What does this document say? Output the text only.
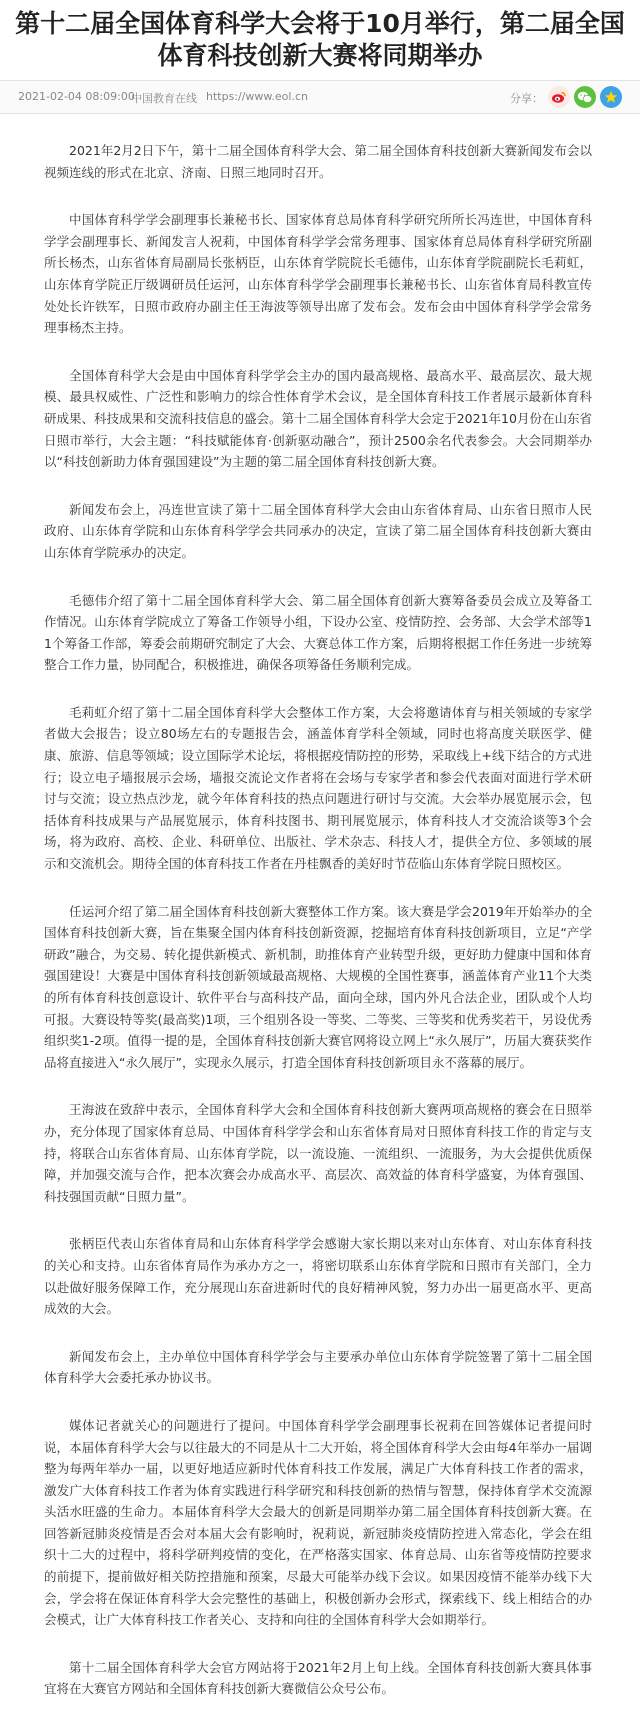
第十二届全国体育科学大会将于10月举行，第二届全国体育科技创新大赛将同期举办
2021-02-04 08:09:00
中国教育在线 https://www.eol.cn	分享：

2021年2月2日下午，第十二届全国体育科学大会、第二届全国体育科技创新大赛新闻发布会以视频连线的形式在北京、济南、日照三地同时召开。

中国体育科学学会副理事长兼秘书长、国家体育总局体育科学研究所所长冯连世，中国体育科学学会副理事长、新闻发言人祝莉，中国体育科学学会常务理事、国家体育总局体育科学研究所副所长杨杰，山东省体育局副局长张柄臣，山东体育学院院长毛德伟，山东体育学院副院长毛莉虹，山东体育学院正厅级调研员任运河，山东体育科学学会副理事长兼秘书长、山东省体育局科教宣传处处长许铁军，日照市政府办副主任王海波等领导出席了发布会。发布会由中国体育科学学会常务理事杨杰主持。

全国体育科学大会是由中国体育科学学会主办的国内最高规格、最高水平、最高层次、最大规模、最具权威性、广泛性和影响力的综合性体育学术会议，是全国体育科技工作者展示最新体育科研成果、科技成果和交流科技信息的盛会。第十二届全国体育科学大会定于2021年10月份在山东省日照市举行，大会主题：“科技赋能体育·创新驱动融合”，预计2500余名代表参会。大会同期举办以“科技创新助力体育强国建设”为主题的第二届全国体育科技创新大赛。

新闻发布会上，冯连世宣读了第十二届全国体育科学大会由山东省体育局、山东省日照市人民政府、山东体育学院和山东体育科学学会共同承办的决定，宣读了第二届全国体育科技创新大赛由山东体育学院承办的决定。

毛德伟介绍了第十二届全国体育科学大会、第二届全国体育创新大赛筹备委员会成立及筹备工作情况。山东体育学院成立了筹备工作领导小组，下设办公室、疫情防控、会务部、大会学术部等11个筹备工作部，筹委会前期研究制定了大会、大赛总体工作方案，后期将根据工作任务进一步统筹整合工作力量，协同配合，积极推进，确保各项筹备任务顺利完成。

毛莉虹介绍了第十二届全国体育科学大会整体工作方案，大会将邀请体育与相关领域的专家学者做大会报告；设立80场左右的专题报告会，涵盖体育学科全领域，同时也将高度关联医学、健康、旅游、信息等领域；设立国际学术论坛，将根据疫情防控的形势，采取线上+线下结合的方式进行；设立电子墙报展示会场，墙报交流论文作者将在会场与专家学者和参会代表面对面进行学术研讨与交流；设立热点沙龙，就今年体育科技的热点问题进行研讨与交流。大会举办展览展示会，包括体育科技成果与产品展览展示，体育科技图书、期刊展览展示，体育科技人才交流洽谈等3个会场，将为政府、高校、企业、科研单位、出版社、学术杂志、科技人才，提供全方位、多领域的展示和交流机会。期待全国的体育科技工作者在丹桂飘香的美好时节莅临山东体育学院日照校区。

任运河介绍了第二届全国体育科技创新大赛整体工作方案。该大赛是学会2019年开始举办的全国体育科技创新大赛，旨在集聚全国内体育科技创新资源，挖掘培育体育科技创新项目，立足“产学研政”融合，为交易、转化提供新模式、新机制，助推体育产业转型升级，更好助力健康中国和体育强国建设！大赛是中国体育科技创新领域最高规格、大规模的全国性赛事，涵盖体育产业11个大类的所有体育科技创意设计、软件平台与高科技产品，面向全球，国内外凡合法企业，团队或个人均可报。大赛设特等奖(最高奖)1项，三个组别各设一等奖、二等奖、三等奖和优秀奖若干，另设优秀组织奖1-2项。值得一提的是，全国体育科技创新大赛官网将设立网上“永久展厅”，历届大赛获奖作品将直接进入“永久展厅”，实现永久展示，打造全国体育科技创新项目永不落幕的展厅。

王海波在致辞中表示，全国体育科学大会和全国体育科技创新大赛两项高规格的赛会在日照举办，充分体现了国家体育总局、中国体育科学学会和山东省体育局对日照体育科技工作的肯定与支持，将联合山东省体育局、山东体育学院，以一流设施、一流组织、一流服务，为大会提供优质保障，并加强交流与合作，把本次赛会办成高水平、高层次、高效益的体育科学盛宴，为体育强国、科技强国贡献“日照力量”。

张柄臣代表山东省体育局和山东体育科学学会感谢大家长期以来对山东体育、对山东体育科技的关心和支持。山东省体育局作为承办方之一，将密切联系山东体育学院和日照市有关部门，全力以赴做好服务保障工作，充分展现山东奋进新时代的良好精神风貌，努力办出一届更高水平、更高成效的大会。

新闻发布会上，主办单位中国体育科学学会与主要承办单位山东体育学院签署了第十二届全国体育科学大会委托承办协议书。

媒体记者就关心的问题进行了提问。中国体育科学学会副理事长祝莉在回答媒体记者提问时说，本届体育科学大会与以往最大的不同是从十二大开始，将全国体育科学大会由每4年举办一届调整为每两年举办一届，以更好地适应新时代体育科技工作发展，满足广大体育科技工作者的需求，激发广大体育科技工作者为体育实践进行科学研究和科技创新的热情与智慧，保持体育学术交流源头活水旺盛的生命力。本届体育科学大会最大的创新是同期举办第二届全国体育科技创新大赛。在回答新冠肺炎疫情是否会对本届大会有影响时，祝莉说，新冠肺炎疫情防控进入常态化，学会在组织十二大的过程中，将科学研判疫情的变化，在严格落实国家、体育总局、山东省等疫情防控要求的前提下，提前做好相关防控措施和预案，尽最大可能举办线下会议。如果因疫情不能举办线下大会，学会将在保证体育科学大会完整性的基础上，积极创新办会形式，探索线下、线上相结合的办会模式，让广大体育科技工作者关心、支持和向往的全国体育科学大会如期举行。

第十二届全国体育科学大会官方网站将于2021年2月上旬上线。全国体育科技创新大赛具体事宜将在大赛官方网站和全国体育科技创新大赛微信公众号公布。
